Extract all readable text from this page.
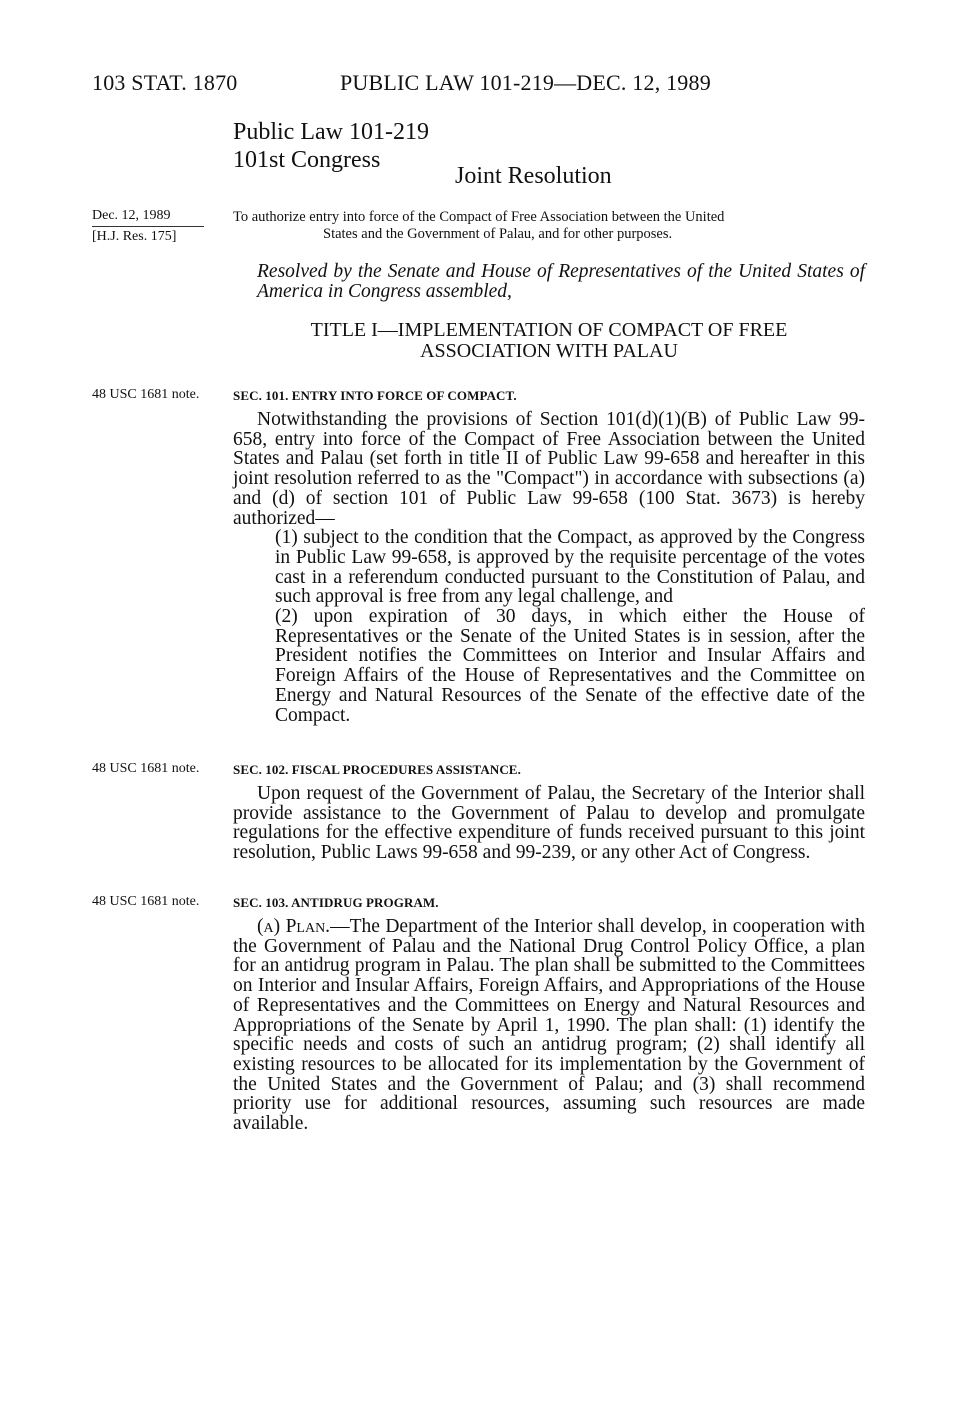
103 STAT. 1870	PUBLIC LAW 101-219—DEC. 12, 1989
Public Law 101-219
101st Congress
Joint Resolution
Dec. 12, 1989
[H.J. Res. 175]
To authorize entry into force of the Compact of Free Association between the United
States and the Government of Palau, and for other purposes.
Resolved by the Senate and House of Representatives of the United States of America in Congress assembled,
TITLE I—IMPLEMENTATION OF COMPACT OF FREE
ASSOCIATION WITH PALAU
48 USC 1681 note.
48 USC 1681 note.
48 USC 1681 note.
SEC. 101. ENTRY INTO FORCE OF COMPACT.

Notwithstanding the provisions of Section 101(d)(1)(B) of Public Law 99-658, entry into force of the Compact of Free Association between the United States and Palau (set forth in title II of Public Law 99-658 and hereafter in this joint resolution referred to as the "Compact") in accordance with subsections (a) and (d) of section 101 of Public Law 99-658 (100 Stat. 3673) is hereby authorized—

(1) subject to the condition that the Compact, as approved by the Congress in Public Law 99-658, is approved by the requisite percentage of the votes cast in a referendum conducted pursuant to the Constitution of Palau, and such approval is free from any legal challenge, and

(2) upon expiration of 30 days, in which either the House of Representatives or the Senate of the United States is in session, after the President notifies the Committees on Interior and Insular Affairs and Foreign Affairs of the House of Representatives and the Committee on Energy and Natural Resources of the Senate of the effective date of the Compact.

SEC. 102. FISCAL PROCEDURES ASSISTANCE.

Upon request of the Government of Palau, the Secretary of the Interior shall provide assistance to the Government of Palau to develop and promulgate regulations for the effective expenditure of funds received pursuant to this joint resolution, Public Laws 99-658 and 99-239, or any other Act of Congress.

SEC. 103. ANTIDRUG PROGRAM.

(a) Plan.—The Department of the Interior shall develop, in cooperation with the Government of Palau and the National Drug Control Policy Office, a plan for an antidrug program in Palau. The plan shall be submitted to the Committees on Interior and Insular Affairs, Foreign Affairs, and Appropriations of the House of Representatives and the Committees on Energy and Natural Resources and Appropriations of the Senate by April 1, 1990. The plan shall: (1) identify the specific needs and costs of such an antidrug program; (2) shall identify all existing resources to be allocated for its implementation by the Government of the United States and the Government of Palau; and (3) shall recommend priority use for additional resources, assuming such resources are made available.
